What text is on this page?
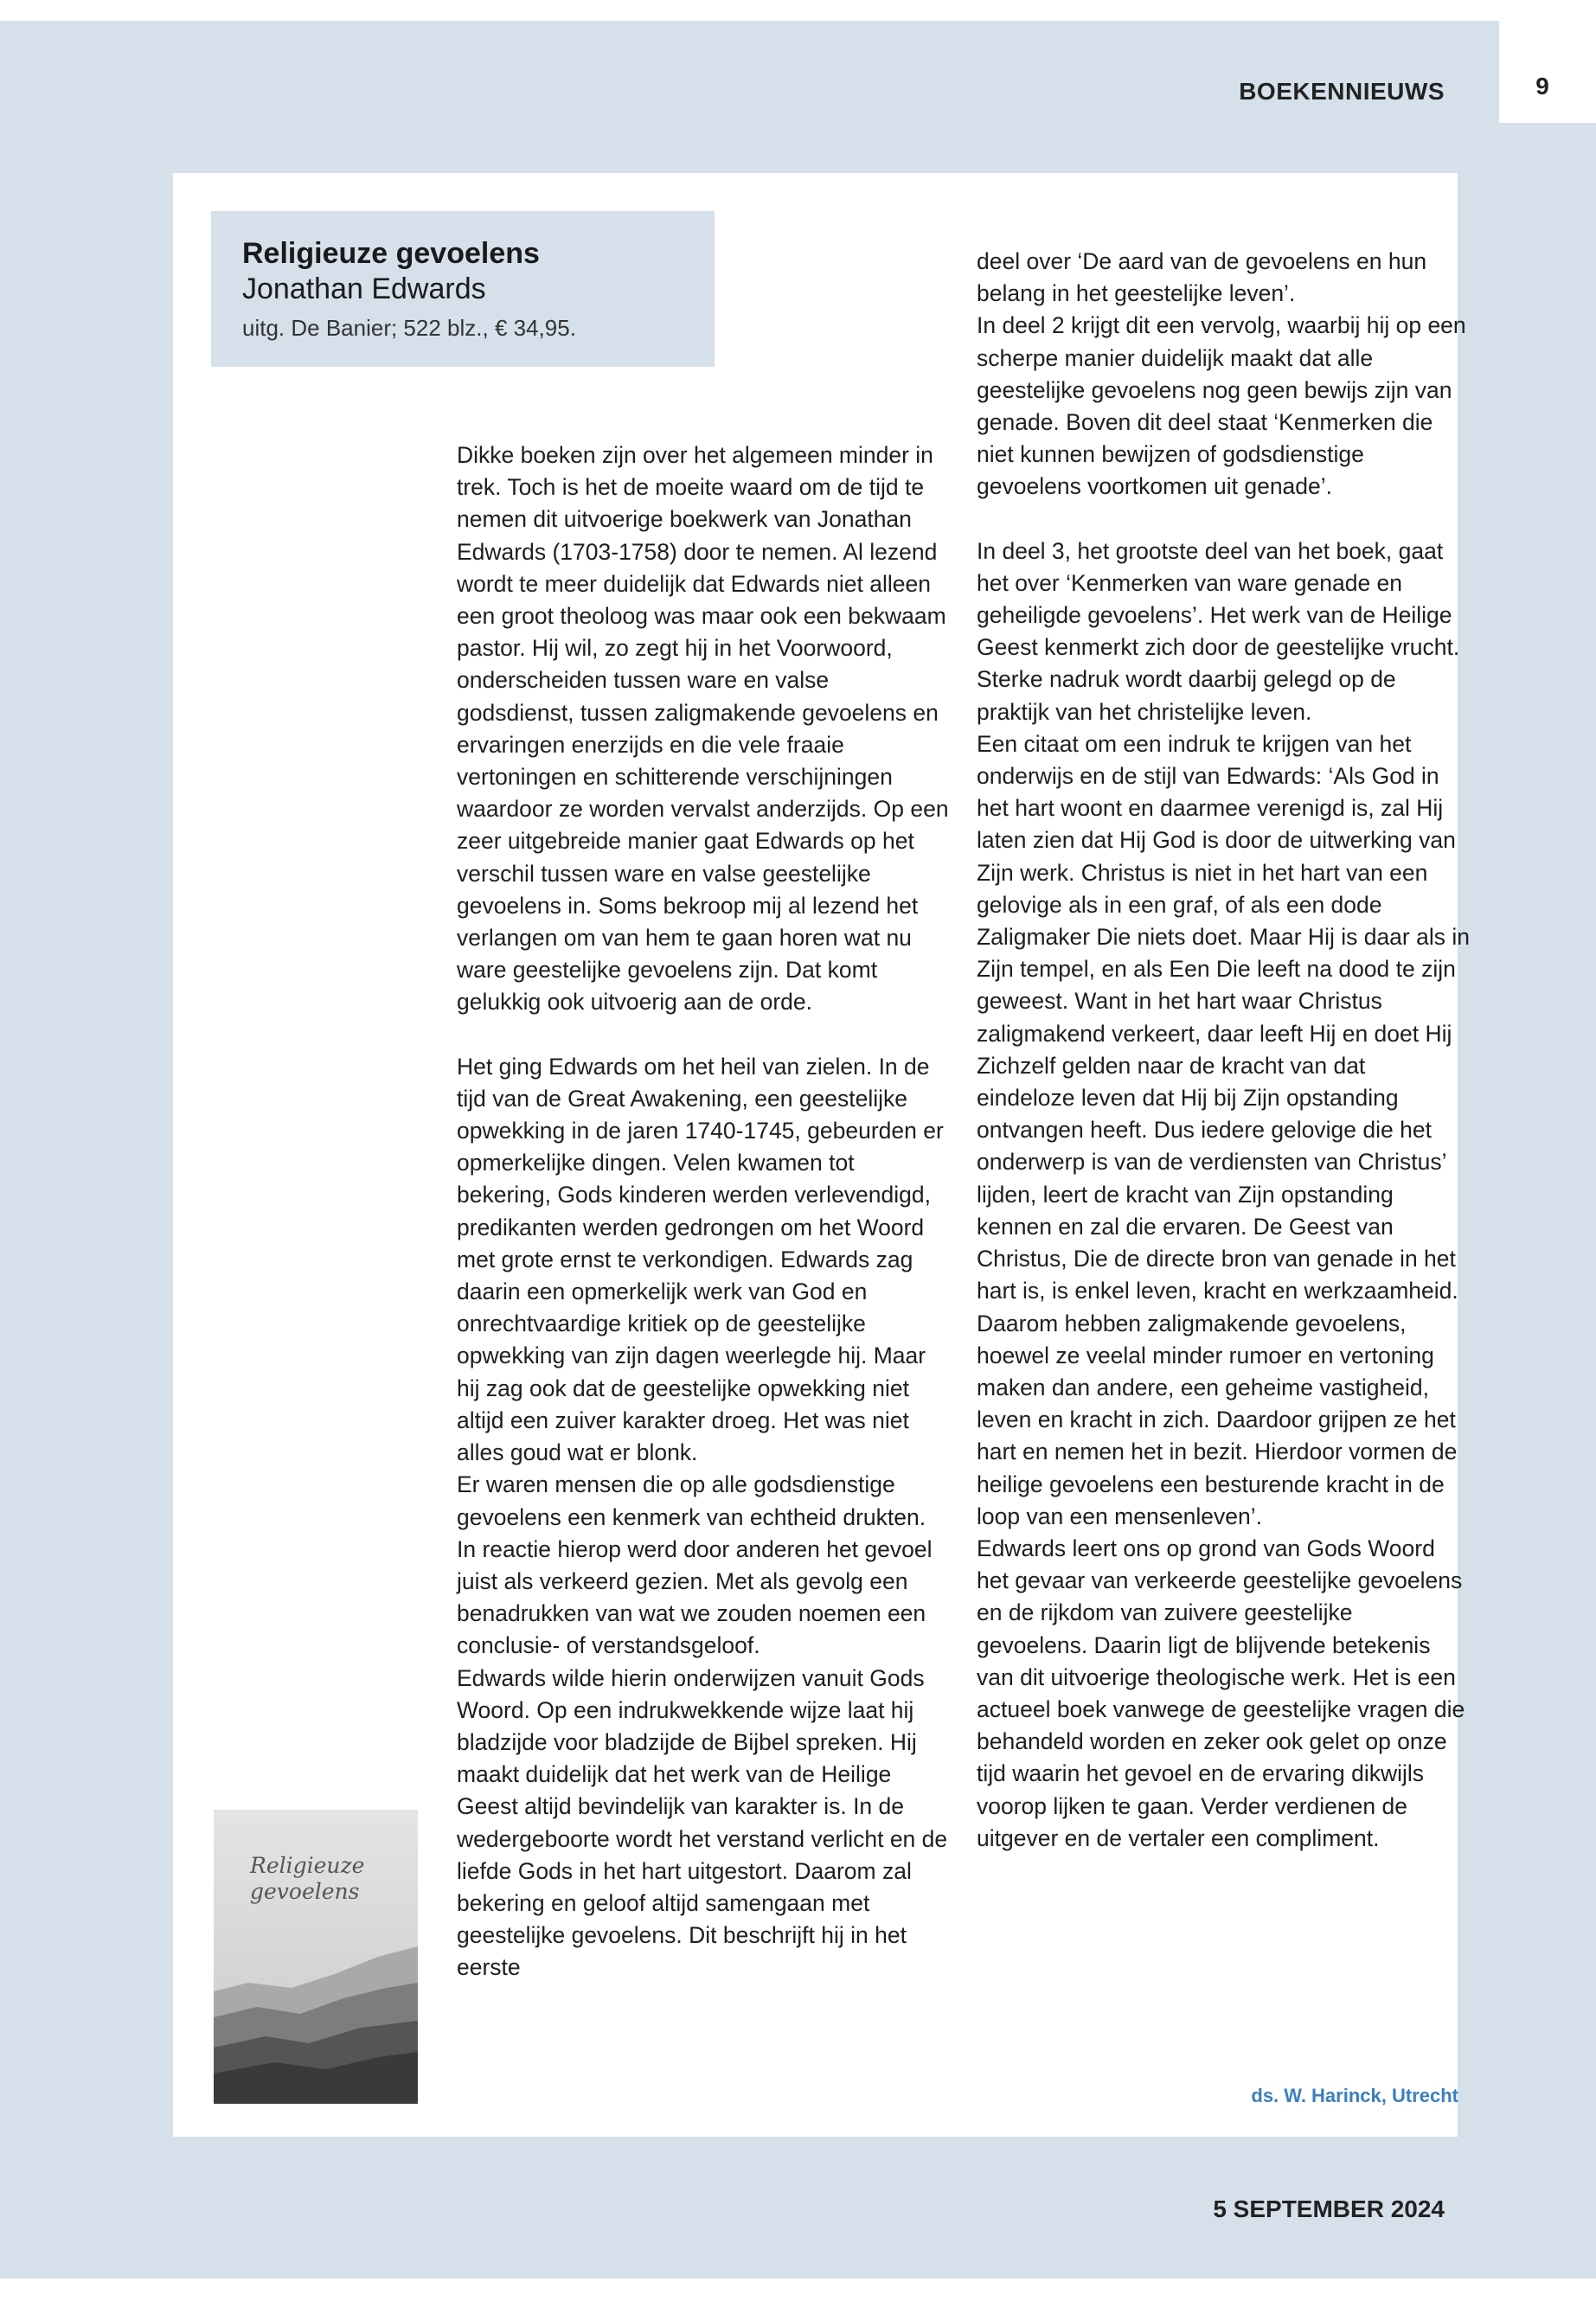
9
BOEKENNIEUWS

Religieuze gevoelens

Jonathan Edwards

uitg. De Banier; 522 blz., € 34,95.

Religieuze gevoelens

Dikke boeken zijn over het algemeen minder in trek. Toch is het de moeite waard om de tijd te nemen dit uitvoerige boekwerk van Jonathan Edwards (1703-1758) door te nemen. Al lezend wordt te meer duidelijk dat Edwards niet alleen een groot theoloog was maar ook een bekwaam pastor. Hij wil, zo zegt hij in het Voorwoord, onderscheiden tussen ware en valse godsdienst, tussen zaligmakende gevoelens en ervaringen enerzijds en die vele fraaie vertoningen en schitterende verschijningen waardoor ze worden vervalst anderzijds. Op een zeer uitgebreide manier gaat Edwards op het verschil tussen ware en valse geestelijke gevoelens in. Soms bekroop mij al lezend het verlangen om van hem te gaan horen wat nu ware geestelijke gevoelens zijn. Dat komt gelukkig ook uitvoerig aan de orde.

Het ging Edwards om het heil van zielen. In de tijd van de Great Awakening, een geestelijke opwekking in de jaren 1740-1745, gebeurden er opmerkelijke dingen. Velen kwamen tot bekering, Gods kinderen werden verlevendigd, predikanten werden gedrongen om het Woord met grote ernst te verkondigen. Edwards zag daarin een opmerkelijk werk van God en onrechtvaardige kritiek op de geestelijke opwekking van zijn dagen weerlegde hij. Maar hij zag ook dat de geestelijke opwekking niet altijd een zuiver karakter droeg. Het was niet alles goud wat er blonk.

Er waren mensen die op alle godsdienstige gevoelens een kenmerk van echtheid drukten. In reactie hierop werd door anderen het gevoel juist als verkeerd gezien. Met als gevolg een benadrukken van wat we zouden noemen een conclusie- of verstandsgeloof.

Edwards wilde hierin onderwijzen vanuit Gods Woord. Op een indrukwekkende wijze laat hij bladzijde voor bladzijde de Bijbel spreken. Hij maakt duidelijk dat het werk van de Heilige Geest altijd bevindelijk van karakter is. In de wedergeboorte wordt het verstand verlicht en de liefde Gods in het hart uitgestort. Daarom zal bekering en geloof altijd samengaan met geestelijke gevoelens. Dit beschrijft hij in het eerste

deel over ‘De aard van de gevoelens en hun belang in het geestelijke leven’.

In deel 2 krijgt dit een vervolg, waarbij hij op een scherpe manier duidelijk maakt dat alle geestelijke gevoelens nog geen bewijs zijn van genade. Boven dit deel staat ‘Kenmerken die niet kunnen bewijzen of godsdienstige gevoelens voortkomen uit genade’.

In deel 3, het grootste deel van het boek, gaat het over ‘Kenmerken van ware genade en geheiligde gevoelens’. Het werk van de Heilige Geest kenmerkt zich door de geestelijke vrucht. Sterke nadruk wordt daarbij gelegd op de praktijk van het christelijke leven.

Een citaat om een indruk te krijgen van het onderwijs en de stijl van Edwards: ‘Als God in het hart woont en daarmee verenigd is, zal Hij laten zien dat Hij God is door de uitwerking van Zijn werk. Christus is niet in het hart van een gelovige als in een graf, of als een dode Zaligmaker Die niets doet. Maar Hij is daar als in Zijn tempel, en als Een Die leeft na dood te zijn geweest. Want in het hart waar Christus zaligmakend verkeert, daar leeft Hij en doet Hij Zichzelf gelden naar de kracht van dat eindeloze leven dat Hij bij Zijn opstanding ontvangen heeft. Dus iedere gelovige die het onderwerp is van de verdiensten van Christus’ lijden, leert de kracht van Zijn opstanding kennen en zal die ervaren. De Geest van Christus, Die de directe bron van genade in het hart is, is enkel leven, kracht en werkzaamheid. Daarom hebben zaligmakende gevoelens, hoewel ze veelal minder rumoer en vertoning maken dan andere, een geheime vastigheid, leven en kracht in zich. Daardoor grijpen ze het hart en nemen het in bezit. Hierdoor vormen de heilige gevoelens een besturende kracht in de loop van een mensenleven’.

Edwards leert ons op grond van Gods Woord het gevaar van verkeerde geestelijke gevoelens en de rijkdom van zuivere geestelijke gevoelens. Daarin ligt de blijvende betekenis van dit uitvoerige theologische werk. Het is een actueel boek vanwege de geestelijke vragen die behandeld worden en zeker ook gelet op onze tijd waarin het gevoel en de ervaring dikwijls voorop lijken te gaan. Verder verdienen de uitgever en de vertaler een compliment.

ds. W. Harinck, Utrecht
5 SEPTEMBER 2024
